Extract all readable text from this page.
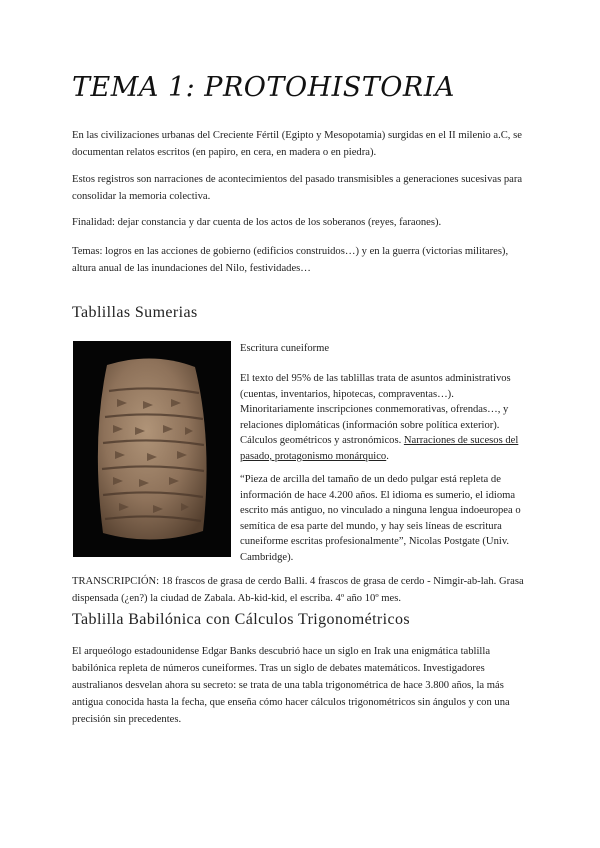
TEMA 1: PROTOHISTORIA

En las civilizaciones urbanas del Creciente Fértil (Egipto y Mesopotamia) surgidas en el II milenio a.C, se documentan relatos escritos (en papiro, en cera, en madera o en piedra).

Estos registros son narraciones de acontecimientos del pasado transmisibles a generaciones sucesivas para consolidar la memoria colectiva.

Finalidad: dejar constancia y dar cuenta de los actos de los soberanos (reyes, faraones).

Temas: logros en las acciones de gobierno (edificios construidos…) y en la guerra (victorias militares), altura anual de las inundaciones del Nilo, festividades…

Tablillas Sumerias

Escritura cuneiforme

El texto del 95% de las tablillas trata de asuntos administrativos (cuentas, inventarios, hipotecas, compraventas…). Minoritariamente inscripciones conmemorativas, ofrendas…, y relaciones diplomáticas (información sobre política exterior). Cálculos geométricos y astronómicos. Narraciones de sucesos del pasado, protagonismo monárquico.

“Pieza de arcilla del tamaño de un dedo pulgar está repleta de información de hace 4.200 años. El idioma es sumerio, el idioma escrito más antiguo, no vinculado a ninguna lengua indoeuropea o semítica de esa parte del mundo, y hay seis líneas de escritura cuneiforme escritas profesionalmente”, Nicolas Postgate (Univ. Cambridge).

TRANSCRIPCIÓN: 18 frascos de grasa de cerdo Balli. 4 frascos de grasa de cerdo - Nimgir-ab-lah. Grasa dispensada (¿en?) la ciudad de Zabala. Ab-kid-kid, el escriba. 4º año 10º mes.

Tablilla Babilónica con Cálculos Trigonométricos

El arqueólogo estadounidense Edgar Banks descubrió hace un siglo en Irak una enigmática tablilla babilónica repleta de números cuneiformes. Tras un siglo de debates matemáticos. Investigadores australianos desvelan ahora su secreto: se trata de una tabla trigonométrica de hace 3.800 años, la más antigua conocida hasta la fecha, que enseña cómo hacer cálculos trigonométricos sin ángulos y con una precisión sin precedentes.
